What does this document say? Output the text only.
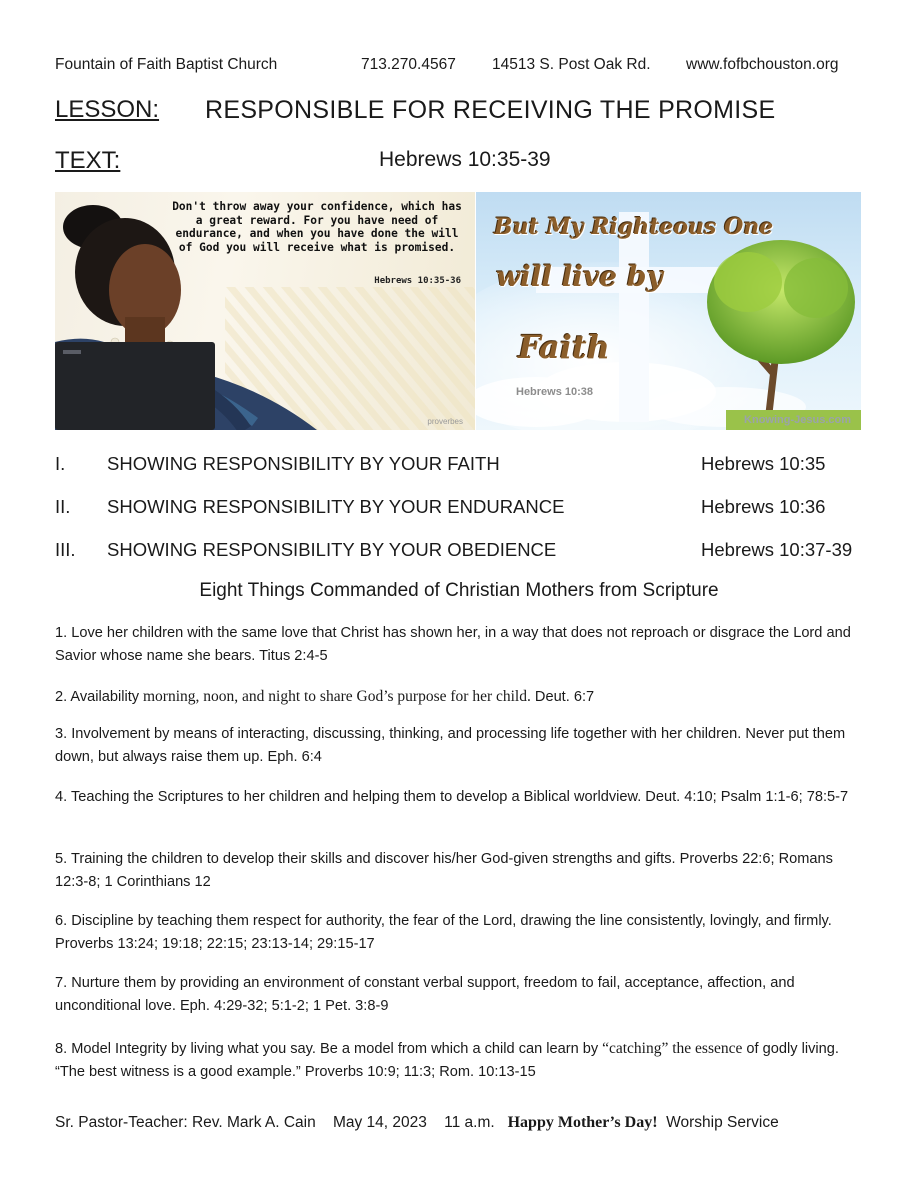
Fountain of Faith Baptist Church	713.270.4567 14513 S. Post Oak Rd. www.fofbchouston.org
LESSON: RESPONSIBLE FOR RECEIVING THE PROMISE
TEXT:	Hebrews 10:35-39
Don't throw away your confidence, which has a great reward. For you have need of endurance, and when you have done the will of God you will receive what is promised.
Hebrews 10:35-36
proverbes
But My Righteous One
will live by
Faith
Hebrews 10:38
Knowing-Jesus.com
I. SHOWING RESPONSIBILITY BY YOUR FAITH	Hebrews 10:35
II. SHOWING RESPONSIBILITY BY YOUR ENDURANCE	Hebrews 10:36
III. SHOWING RESPONSIBILITY BY YOUR OBEDIENCE	Hebrews 10:37-39
Eight Things Commanded of Christian Mothers from Scripture
1. Love her children with the same love that Christ has shown her, in a way that does not reproach or disgrace the Lord and Savior whose name she bears. Titus 2:4-5
2. Availability morning, noon, and night to share God’s purpose for her child. Deut. 6:7
3. Involvement by means of interacting, discussing, thinking, and processing life together with her children. Never put them down, but always raise them up. Eph. 6:4
4. Teaching the Scriptures to her children and helping them to develop a Biblical worldview. Deut. 4:10; Psalm 1:1-6; 78:5-7
5. Training the children to develop their skills and discover his/her God-given strengths and gifts. Proverbs 22:6; Romans 12:3-8; 1 Corinthians 12
6. Discipline by teaching them respect for authority, the fear of the Lord, drawing the line consistently, lovingly, and firmly. Proverbs 13:24; 19:18; 22:15; 23:13-14; 29:15-17
7. Nurture them by providing an environment of constant verbal support, freedom to fail, acceptance, affection, and unconditional love. Eph. 4:29-32; 5:1-2; 1 Pet. 3:8-9
8. Model Integrity by living what you say. Be a model from which a child can learn by “catching” the essence of godly living. “The best witness is a good example.” Proverbs 10:9; 11:3; Rom. 10:13-15
Sr. Pastor-Teacher: Rev. Mark A. Cain May 14, 2023 11 a.m. Happy Mother’s Day! Worship Service
